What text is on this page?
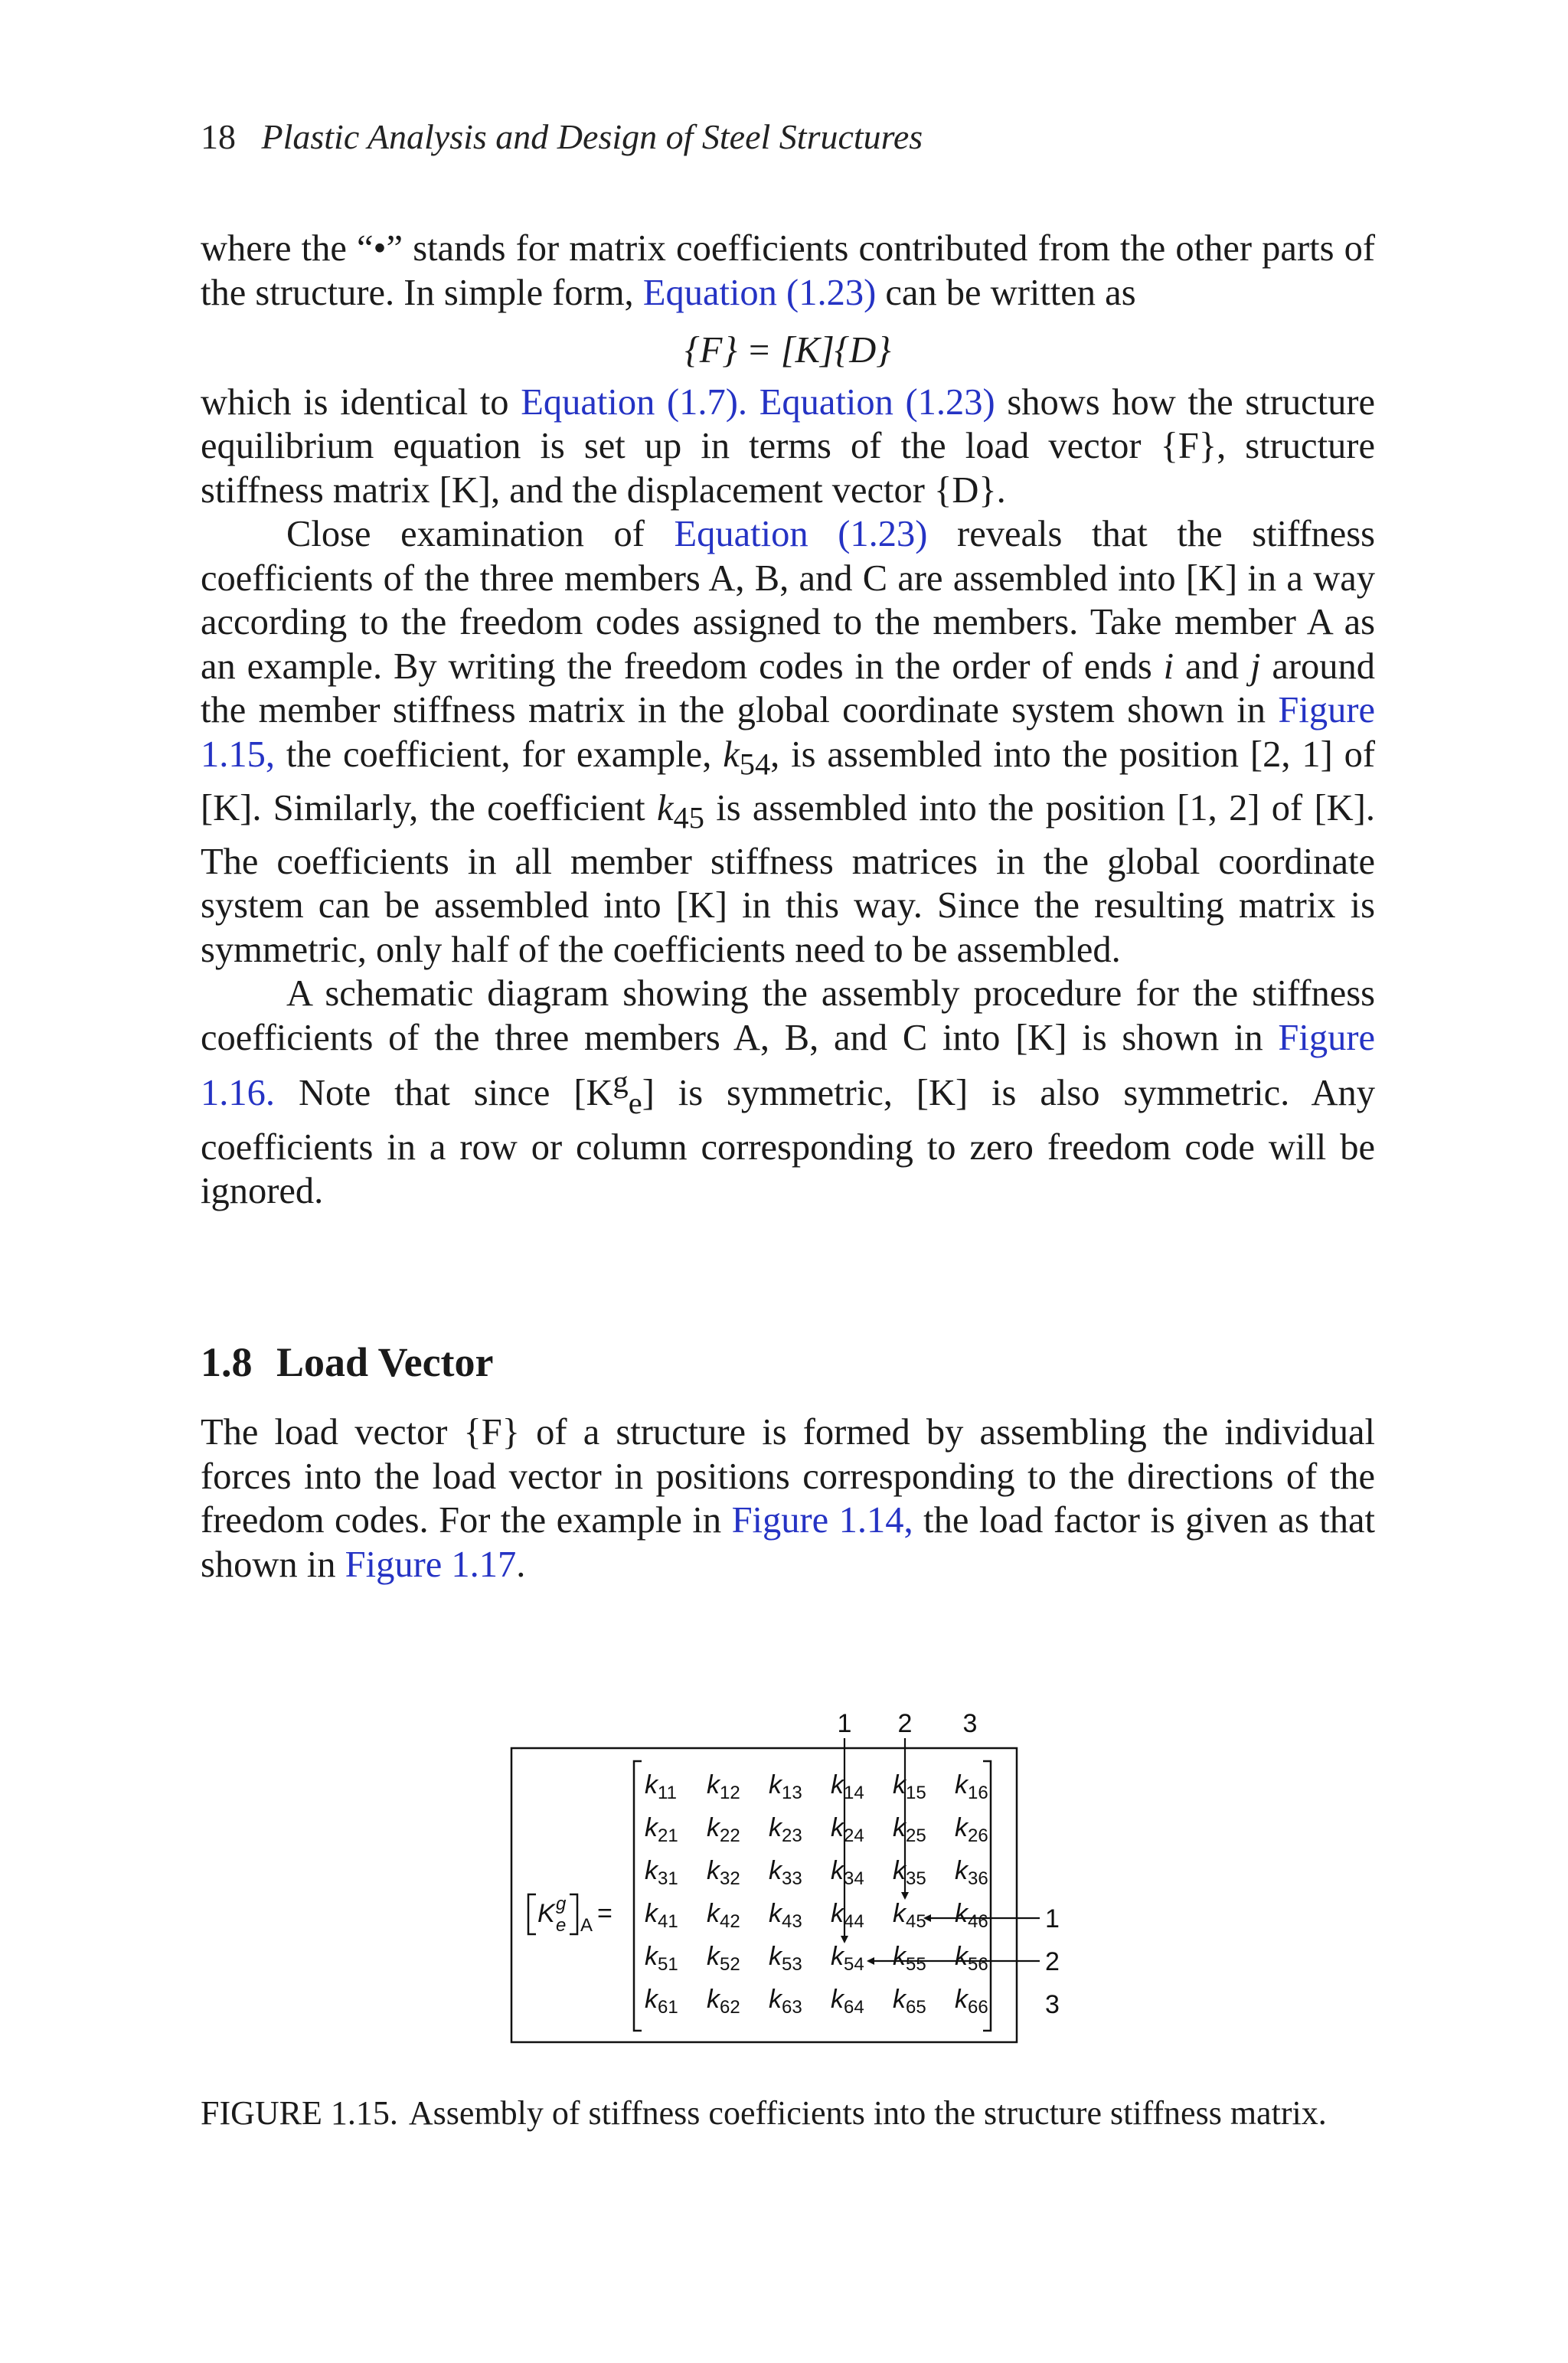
18 Plastic Analysis and Design of Steel Structures

where the “•” stands for matrix coefficients contributed from the other parts of the structure. In simple form, Equation (1.23) can be written as

{F} = [K]{D}

which is identical to Equation (1.7). Equation (1.23) shows how the structure equilibrium equation is set up in terms of the load vector {F}, structure stiffness matrix [K], and the displacement vector {D}.

Close examination of Equation (1.23) reveals that the stiffness coefficients of the three members A, B, and C are assembled into [K] in a way according to the freedom codes assigned to the members. Take member A as an example. By writing the freedom codes in the order of ends i and j around the member stiffness matrix in the global coordinate system shown in Figure 1.15, the coefficient, for example, $k_{54}$, is assembled into the position [2, 1] of [K]. Similarly, the coefficient $k_{45}$ is assembled into the position [1, 2] of [K]. The coefficients in all member stiffness matrices in the global coordinate system can be assembled into [K] in this way. Since the resulting matrix is symmetric, only half of the coefficients need to be assembled.

A schematic diagram showing the assembly procedure for the stiffness coefficients of the three members A, B, and C into [K] is shown in Figure 1.16. Note that since $[K^g_e]$ is symmetric, [K] is also symmetric. Any coefficients in a row or column corresponding to zero freedom code will be ignored.

1.8 Load Vector

The load vector {F} of a structure is formed by assembling the individual forces into the load vector in positions corresponding to the directions of the freedom codes. For the example in Figure 1.14, the load factor is given as that shown in Figure 1.17.

1 2 3
K g
e A =
$k_{11}$ $k_{12}$ $k_{13}$ $k_{14}$ $k_{15}$ $k_{16}$
$k_{21}$ $k_{22}$ $k_{23}$ $k_{24}$ $k_{25}$ $k_{26}$
$k_{31}$ $k_{32}$ $k_{33}$ $k_{34}$ $k_{35}$ $k_{36}$
$k_{41}$ $k_{42}$ $k_{43}$ $k_{44}$ $k_{45}$ $k_{46}$
$k_{51}$ $k_{52}$ $k_{53}$ $k_{54}$ $k_{55}$ $k_{56}$
$k_{61}$ $k_{62}$ $k_{63}$ $k_{64}$ $k_{65}$ $k_{66}$
1
2
3
FIGURE 1.15. Assembly of stiffness coefficients into the structure stiffness matrix.
